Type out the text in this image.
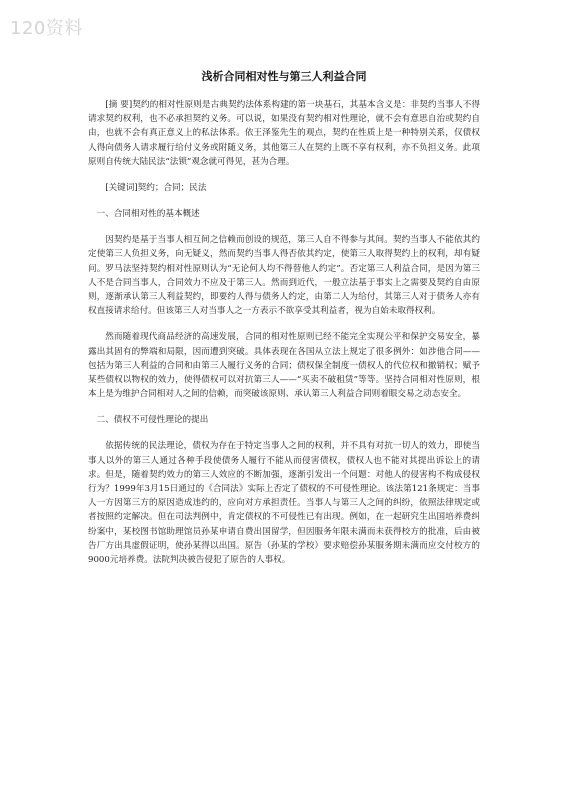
120资料
浅析合同相对性与第三人利益合同

[摘 要]契约的相对性原则是古典契约法体系构建的第一块基石，其基本含义是：非契约当事人不得请求契约权利，也不必承担契约义务。可以说，如果没有契约相对性理论，就不会有意思自治或契约自由，也就不会有真正意义上的私法体系。依王泽鉴先生的观点，契约在性质上是一种特别关系，仅债权人得向债务人请求履行给付义务或附随义务，其他第三人在契约上既不享有权利，亦不负担义务。此项原则自传统大陆民法“法锁”观念就可得见，甚为合理。

[关键词]契约；合同；民法

一、合同相对性的基本概述

因契约是基于当事人相互间之信赖而创设的规范，第三人自不得参与其间。契约当事人不能依其约定使第三人负担义务，向无疑义，然而契约当事人得否依其约定，使第三人取得契约上的权利，却有疑问。罗马法坚持契约相对性原则认为“无论何人均不得替他人约定”。否定第三人利益合同，是因为第三人不是合同当事人，合同效力不应及于第三人。然而到近代，一般立法基于事实上之需要及契约自由原则，逐渐承认第三人利益契约，即要约人得与债务人约定，由第二人为给付，其第三人对于债务人亦有权直接请求给付。但该第三人对当事人之一方表示不欲享受其利益者，视为自始未取得权利。

然而随着现代商品经济的高速发展，合同的相对性原则已经不能完全实现公平和保护交易安全，暴露出其固有的弊端和局限，因而遭到突破。具体表现在各国从立法上规定了很多例外：如涉他合同——包括为第三人利益的合同和由第三人履行义务的合同；债权保全制度一债权人的代位权和撤销权；赋予某些债权以物权的效力，使得债权可以对抗第三人——“买卖不破租赁”等等。坚持合同相对性原则，根本上是为维护合同相对人之间的信赖，而突破该原则、承认第三人利益合同则着眼交易之动态安全。

二、债权不可侵性理论的提出

依据传统的民法理论，债权为存在于特定当事人之间的权利，并不具有对抗一切人的效力，即使当事人以外的第三人通过各种手段使债务人履行不能从而侵害债权，债权人也不能对其提出诉讼上的请求。但是，随着契约效力的第三人效应的不断加强，逐渐引发出一个问题：对他人的侵害构不构成侵权行为？1999年3月15日通过的《合同法》实际上否定了债权的不可侵性理论。该法第121条规定：当事人一方因第三方的原因造成违约的，应向对方承担责任。当事人与第三人之间的纠纷，依照法律规定或者按照约定解决。但在司法判例中，肯定债权的不可侵性已有出现。例如，在一起研究生出国培养费纠纷案中，某校图书馆助理馆员孙某申请自费出国留学，但因服务年限未满而未获得校方的批准，后由被告厂方出具虚假证明，使孙某得以出国。原告（孙某的学校）要求赔偿孙某服务期未满而应交付校方的9000元培养费。法院判决被告侵犯了原告的人事权。
